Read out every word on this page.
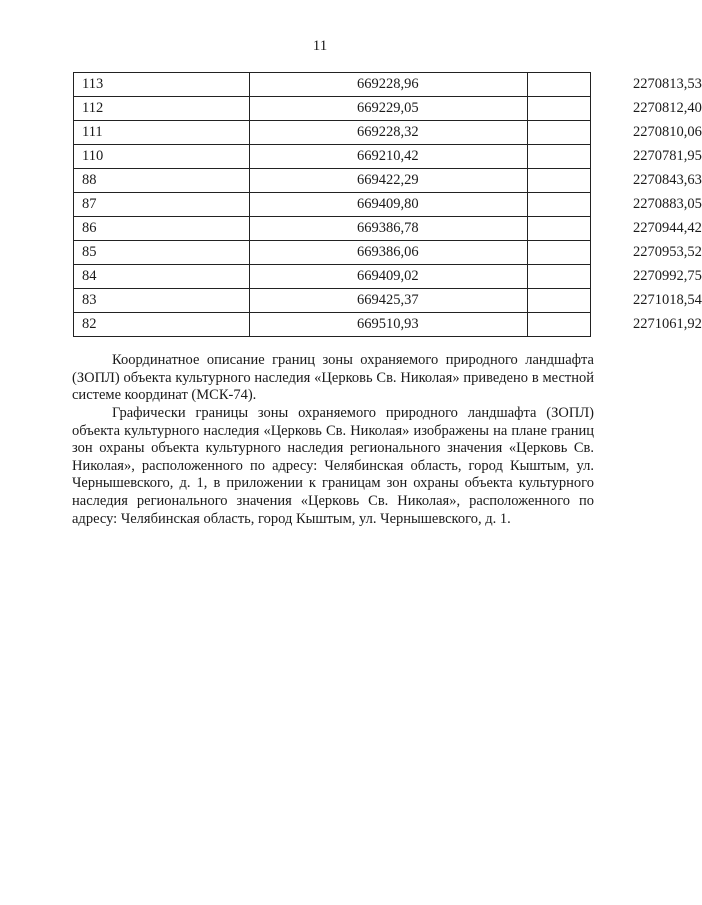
11
113	669228,96	2270813,53
112	669229,05	2270812,40
111	669228,32	2270810,06
110	669210,42	2270781,95
88	669422,29	2270843,63
87	669409,80	2270883,05
86	669386,78	2270944,42
85	669386,06	2270953,52
84	669409,02	2270992,75
83	669425,37	2271018,54
82	669510,93	2271061,92

Координатное описание границ зоны охраняемого природного ландшафта (ЗОПЛ) объекта культурного наследия «Церковь Св. Николая» приведено в местной системе координат (МСК-74).

Графически границы зоны охраняемого природного ландшафта (ЗОПЛ) объекта культурного наследия «Церковь Св. Николая» изображены на плане границ зон охраны объекта культурного наследия регионального значения «Церковь Св. Николая», расположенного по адресу: Челябинская область, город Кыштым, ул. Чернышевского, д. 1, в приложении к границам зон охраны объекта культурного наследия регионального значения «Церковь Св. Николая», расположенного по адресу: Челябинская область, город Кыштым, ул. Чернышевского, д. 1.
